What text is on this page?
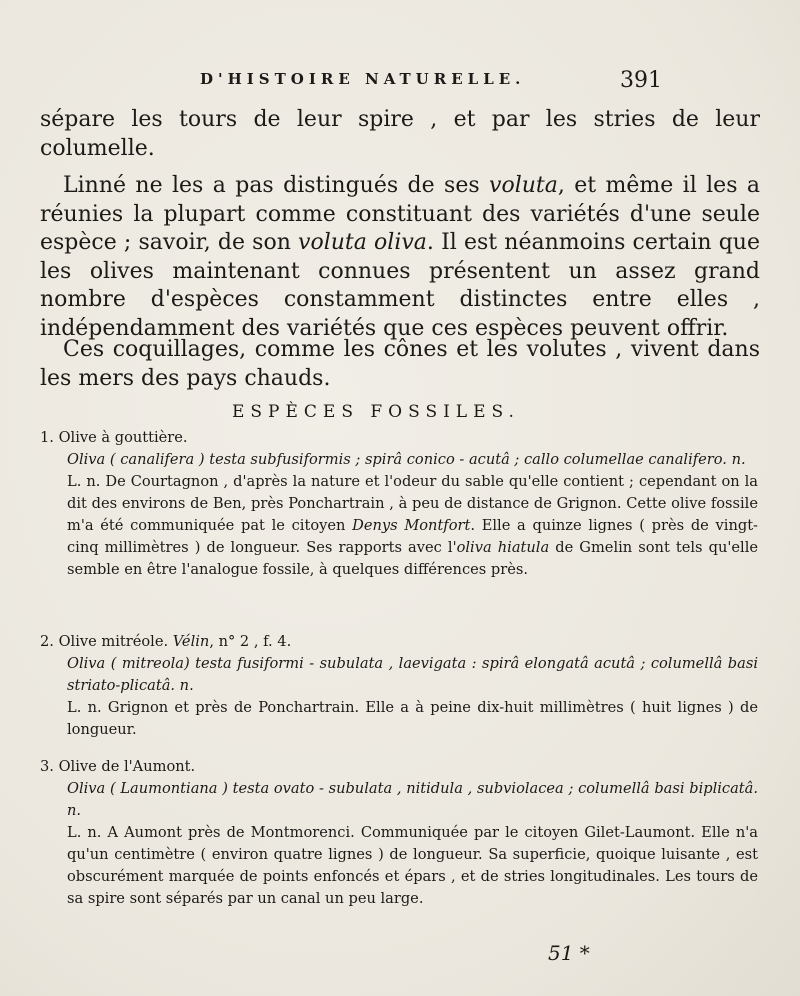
D'HISTOIRE NATURELLE.	391
sépare les tours de leur spire , et par les stries de leur columelle.
Linné ne les a pas distingués de ses voluta, et même il les a réunies la plupart comme constituant des variétés d'une seule espèce ; savoir, de son voluta oliva. Il est néanmoins certain que les olives maintenant connues présentent un assez grand nombre d'espèces constamment distinctes entre elles , indépendamment des variétés que ces espèces peuvent offrir.
Ces coquillages, comme les cônes et les volutes , vivent dans les mers des pays chauds.
ESPÈCES FOSSILES.
1. Olive à gouttière.
Oliva ( canalifera ) testa subfusiformis ; spirâ conico - acutâ ; callo columellae canalifero. n.
L. n. De Courtagnon , d'après la nature et l'odeur du sable qu'elle contient ; cependant on la dit des environs de Ben, près Ponchartrain , à peu de distance de Grignon. Cette olive fossile m'a été communiquée pat le citoyen Denys Montfort. Elle a quinze lignes ( près de vingt-cinq millimètres ) de longueur. Ses rapports avec l'oliva hiatula de Gmelin sont tels qu'elle semble en être l'analogue fossile, à quelques différences près.
2. Olive mitréole. Vélin, n° 2 , f. 4.
Oliva ( mitreola) testa fusiformi - subulata , laevigata : spirâ elongatâ acutâ ; columellâ basi striato-plicatâ. n.
L. n. Grignon et près de Ponchartrain. Elle a à peine dix-huit millimètres ( huit lignes ) de longueur.
3. Olive de l'Aumont.
Oliva ( Laumontiana ) testa ovato - subulata , nitidula , subviolacea ; columellâ basi biplicatâ. n.
L. n. A Aumont près de Montmorenci. Communiquée par le citoyen Gilet-Laumont. Elle n'a qu'un centimètre ( environ quatre lignes ) de longueur. Sa superficie, quoique luisante , est obscurément marquée de points enfoncés et épars , et de stries longitudinales. Les tours de sa spire sont séparés par un canal un peu large.
51 *
